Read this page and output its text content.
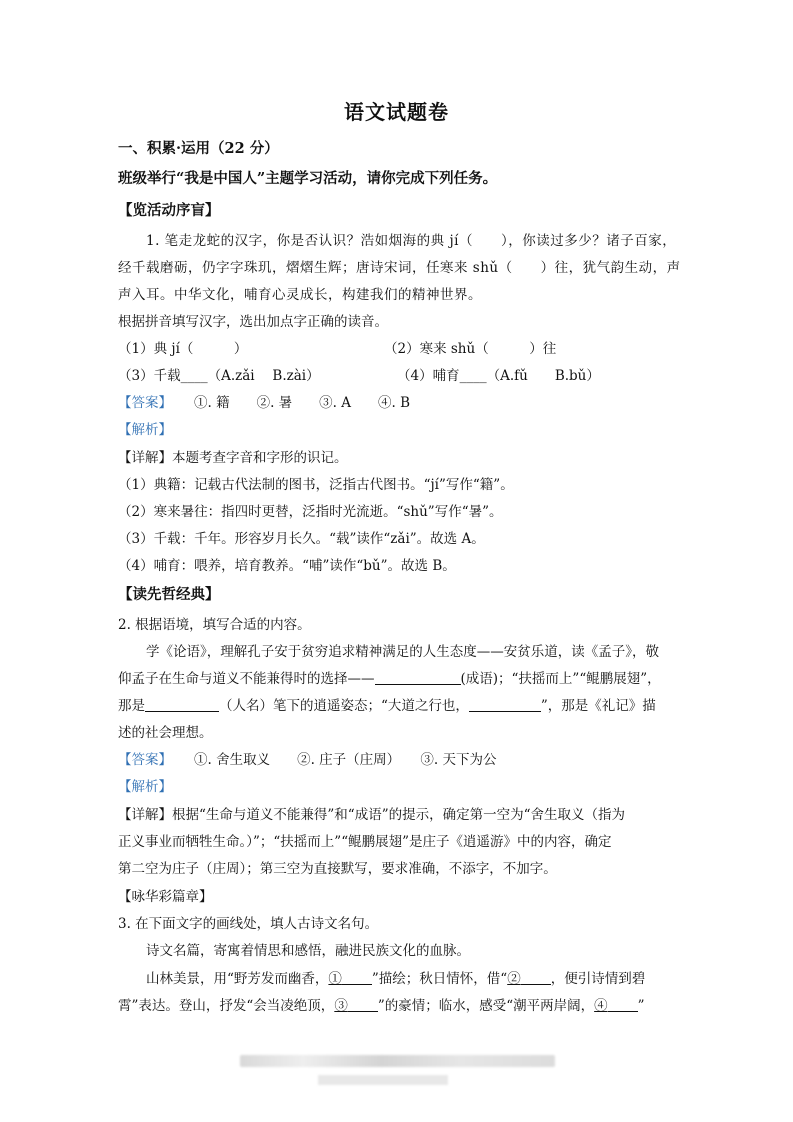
语文试题卷
一、积累·运用（22 分）
班级举行“我是中国人”主题学习活动，请你完成下列任务。
【览活动序盲】
1. 笔走龙蛇的汉字，你是否认识？浩如烟海的典 jí（　　），你读过多少？诸子百家，
经千载磨砺，仍字字珠玑，熠熠生辉；唐诗宋词，任寒来 shǔ（　　）往，犹气韵生动，声
声入耳。中华文化，哺育心灵成长，构建我们的精神世界。
根据拼音填写汉字，选出加点字正确的读音。
（1）典 jí（　　　）	（2）寒来 shǔ（　　　）往
（3）千载____（A.zǎi　 B.zài）	（4）哺育____（A.fǔ　　B.bǔ）
【答案】 ①. 籍　　②. 暑　　③. A　　④. B
【解析】
【详解】本题考查字音和字形的识记。
（1）典籍：记载古代法制的图书，泛指古代图书。“jí”写作“籍”。
（2）寒来暑往：指四时更替，泛指时光流逝。“shǔ”写作“暑”。
（3）千载：千年。形容岁月长久。“载”读作“zǎi”。故选 A。
（4）哺育：喂养，培育教养。“哺”读作“bǔ”。故选 B。
【读先哲经典】
2. 根据语境，填写合适的内容。
学《论语》，理解孔子安于贫穷追求精神满足的人生态度——安贫乐道，读《孟子》，敬
仰孟子在生命与道义不能兼得时的选择——	(成语)；“扶摇而上”“鲲鹏展翅”，
那是	（人名）笔下的逍遥姿态；“大道之行也，	”，那是《礼记》描
述的社会理想。
【答案】 ①. 舍生取义　　②. 庄子（庄周）　　③. 天下为公
【解析】
【详解】根据“生命与道义不能兼得”和“成语”的提示，确定第一空为“舍生取义（指为
正义事业而牺牲生命。）”；“扶摇而上”“鲲鹏展翅”是庄子《逍遥游》中的内容，确定
第二空为庄子（庄周）；第三空为直接默写，要求准确，不添字，不加字。
【咏华彩篇章】
3. 在下面文字的画线处，填人古诗文名句。
诗文名篇，寄寓着情思和感悟，融进民族文化的血脉。
山林美景，用“野芳发而幽香，① ”描绘；秋日情怀，借“② ，便引诗情到碧
霄”表达。登山，抒发“会当凌绝顶，③ ”的豪情；临水，感受“潮平两岸阔，④ ”
